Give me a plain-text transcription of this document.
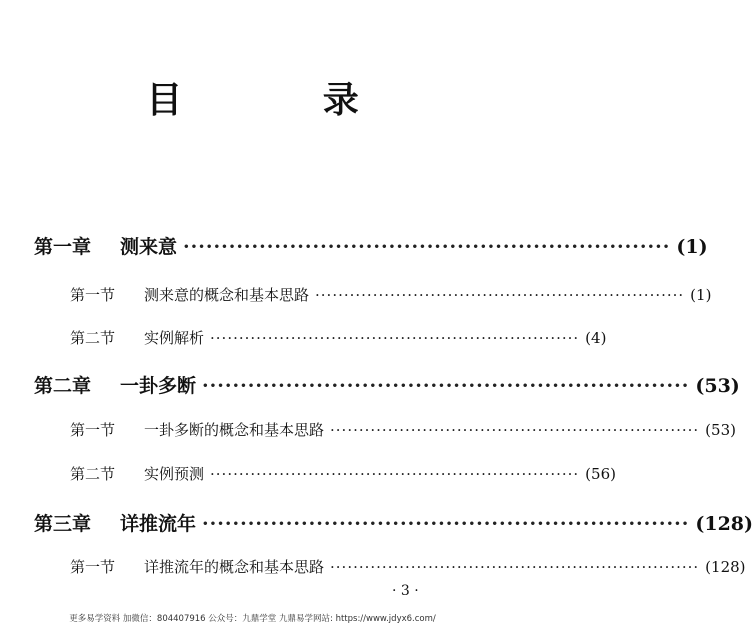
目 录
第一章	测来意 ································································ (1)
第一节	测来意的概念和基本思路 ································································ (1)
第二节	实例解析 ································································ (4)
第二章	一卦多断 ································································ (53)
第一节	一卦多断的概念和基本思路 ································································ (53)
第二节	实例预测 ································································ (56)
第三章	详推流年 ································································ (128)
第一节	详推流年的概念和基本思路 ································································ (128)
· 3 ·
更多易学资料 加微信：804407916 公众号：九鼎学堂 九鼎易学网站: https://www.jdyx6.com/
